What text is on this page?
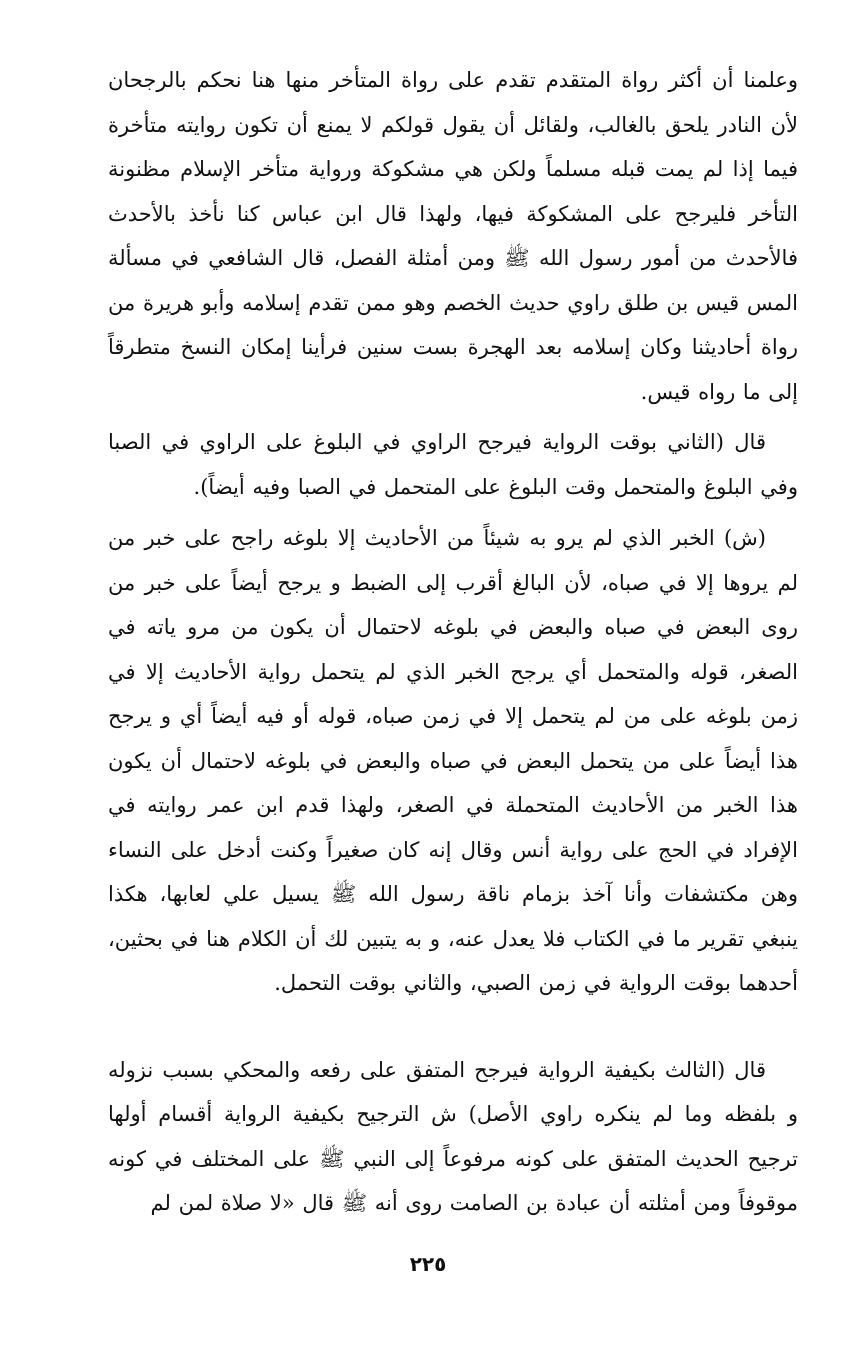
وعلمنا أن أكثر رواة المتقدم تقدم على رواة المتأخر منها هنا نحكم بالرجحان لأن النادر يلحق بالغالب، ولقائل أن يقول قولكم لا يمنع أن تكون روايته متأخرة فيما إذا لم يمت قبله مسلماً ولكن هي مشكوكة ورواية متأخر الإسلام مظنونة التأخر فليرجح على المشكوكة فيها، ولهذا قال ابن عباس كنا نأخذ بالأحدث فالأحدث من أمور رسول الله ﷺ ومن أمثلة الفصل، قال الشافعي في مسألة المس قيس بن طلق راوي حديث الخصم وهو ممن تقدم إسلامه وأبو هريرة من رواة أحاديثنا وكان إسلامه بعد الهجرة بست سنين فرأينا إمكان النسخ متطرقاً إلى ما رواه قيس.

قال (الثاني بوقت الرواية فيرجح الراوي في البلوغ على الراوي في الصبا وفي البلوغ والمتحمل وقت البلوغ على المتحمل في الصبا وفيه أيضاً).

(ش) الخبر الذي لم يرو به شيئاً من الأحاديث إلا بلوغه راجح على خبر من لم يروها إلا في صباه، لأن البالغ أقرب إلى الضبط و يرجح أيضاً على خبر من روى البعض في صباه والبعض في بلوغه لاحتمال أن يكون من مرو ياته في الصغر، قوله والمتحمل أي يرجح الخبر الذي لم يتحمل رواية الأحاديث إلا في زمن بلوغه على من لم يتحمل إلا في زمن صباه، قوله أو فيه أيضاً أي و يرجح هذا أيضاً على من يتحمل البعض في صباه والبعض في بلوغه لاحتمال أن يكون هذا الخبر من الأحاديث المتحملة في الصغر، ولهذا قدم ابن عمر روايته في الإفراد في الحج على رواية أنس وقال إنه كان صغيراً وكنت أدخل على النساء وهن مكتشفات وأنا آخذ بزمام ناقة رسول الله ﷺ يسيل علي لعابها، هكذا ينبغي تقرير ما في الكتاب فلا يعدل عنه، و به يتبين لك أن الكلام هنا في بحثين، أحدهما بوقت الرواية في زمن الصبي، والثاني بوقت التحمل.

قال (الثالث بكيفية الرواية فيرجح المتفق على رفعه والمحكي بسبب نزوله و بلفظه وما لم ينكره راوي الأصل) ش الترجيح بكيفية الرواية أقسام أولها ترجيح الحديث المتفق على كونه مرفوعاً إلى النبي ﷺ على المختلف في كونه موقوفاً ومن أمثلته أن عبادة بن الصامت روى أنه ﷺ قال «لا صلاة لمن لم

٢٢٥
